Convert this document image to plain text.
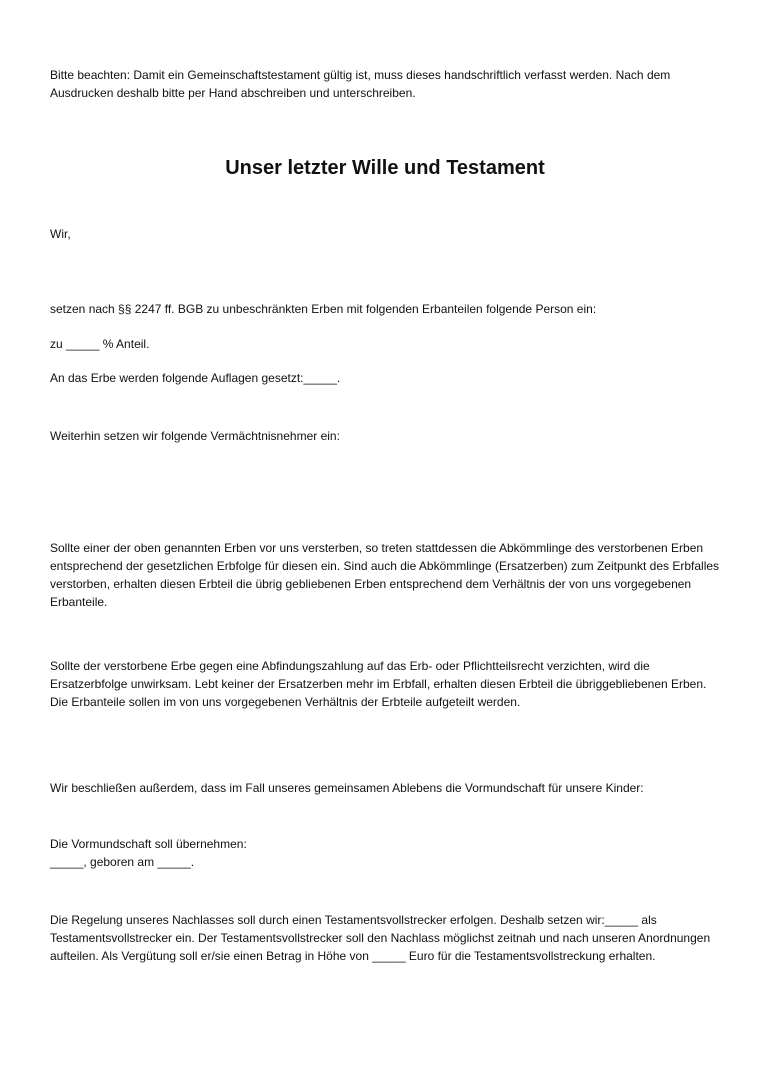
Bitte beachten: Damit ein Gemeinschaftstestament gültig ist, muss dieses handschriftlich verfasst werden. Nach dem Ausdrucken deshalb bitte per Hand abschreiben und unterschreiben.

Unser letzter Wille und Testament

Wir,

setzen nach §§ 2247 ff. BGB zu unbeschränkten Erben mit folgenden Erbanteilen folgende Person ein:

zu _____ % Anteil.

An das Erbe werden folgende Auflagen gesetzt:_____.

Weiterhin setzen wir folgende Vermächtnisnehmer ein:

Sollte einer der oben genannten Erben vor uns versterben, so treten stattdessen die Abkömmlinge des verstorbenen Erben entsprechend der gesetzlichen Erbfolge für diesen ein. Sind auch die Abkömmlinge (Ersatzerben) zum Zeitpunkt des Erbfalles verstorben, erhalten diesen Erbteil die übrig gebliebenen Erben entsprechend dem Verhältnis der von uns vorgegebenen Erbanteile.

Sollte der verstorbene Erbe gegen eine Abfindungszahlung auf das Erb- oder Pflichtteilsrecht verzichten, wird die Ersatzerbfolge unwirksam. Lebt keiner der Ersatzerben mehr im Erbfall, erhalten diesen Erbteil die übriggebliebenen Erben. Die Erbanteile sollen im von uns vorgegebenen Verhältnis der Erbteile aufgeteilt werden.

Wir beschließen außerdem, dass im Fall unseres gemeinsamen Ablebens die Vormundschaft für unsere Kinder:

Die Vormundschaft soll übernehmen:

_____, geboren am _____.

Die Regelung unseres Nachlasses soll durch einen Testamentsvollstrecker erfolgen. Deshalb setzen wir:_____ als Testamentsvollstrecker ein. Der Testamentsvollstrecker soll den Nachlass möglichst zeitnah und nach unseren Anordnungen aufteilen. Als Vergütung soll er/sie einen Betrag in Höhe von _____ Euro für die Testamentsvollstreckung erhalten.
